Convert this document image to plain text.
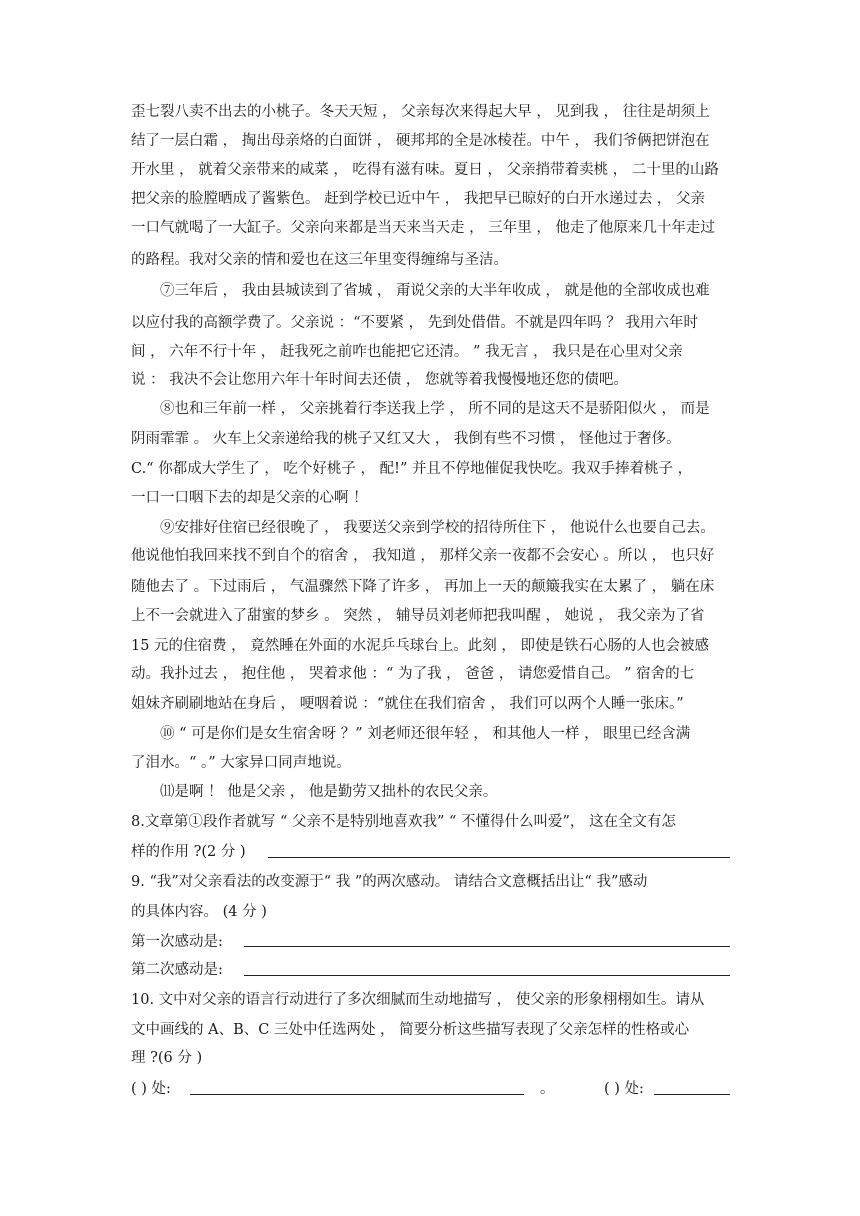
歪七裂八卖不出去的小桃子。冬天天短 ， 父亲每次来得起大早 ， 见到我 ， 往往是胡须上
结了一层白霜 ， 掏出母亲烙的白面饼 ， 硬邦邦的全是冰棱茬。中午 ， 我们爷俩把饼泡在
开水里 ， 就着父亲带来的咸菜 ， 吃得有滋有味。夏日 ， 父亲捎带着卖桃 ， 二十里的山路
把父亲的脸膛晒成了酱紫色。 赶到学校已近中午 ， 我把早已晾好的白开水递过去 ， 父亲
一口气就喝了一大缸子。父亲向来都是当天来当天走 ， 三年里 ， 他走了他原来几十年走过
的路程。我对父亲的情和爱也在这三年里变得缠绵与圣洁。
⑦三年后 ， 我由县城读到了省城 ， 甭说父亲的大半年收成 ， 就是他的全部收成也难
以应付我的高额学费了。父亲说 ：“不要紧 ， 先到处借借。不就是四年吗 ？ 我用六年时
间 ， 六年不行十年 ， 赶我死之前咋也能把它还清。 ” 我无言 ， 我只是在心里对父亲
说 ： 我决不会让您用六年十年时间去还债 ， 您就等着我慢慢地还您的债吧。
⑧也和三年前一样 ， 父亲挑着行李送我上学 ， 所不同的是这天不是骄阳似火 ， 而是
阴雨霏霏 。 火车上父亲递给我的桃子又红又大 ， 我倒有些不习惯 ， 怪他过于奢侈。
C.“ 你都成大学生了 ， 吃个好桃子 ， 配!” 并且不停地催促我快吃。我双手捧着桃子 ，
一口一口咽下去的却是父亲的心啊 ！
⑨安排好住宿已经很晚了 ， 我要送父亲到学校的招待所住下 ， 他说什么也要自己去。
他说他怕我回来找不到自个的宿舍 ， 我知道 ， 那样父亲一夜都不会安心 。所以 ， 也只好
随他去了 。下过雨后 ， 气温骤然下降了许多 ， 再加上一天的颠簸我实在太累了 ， 躺在床
上不一会就进入了甜蜜的梦乡 。 突然 ， 辅导员刘老师把我叫醒 ， 她说 ， 我父亲为了省
15 元的住宿费 ， 竟然睡在外面的水泥乒乓球台上。此刻 ， 即使是铁石心肠的人也会被感
动。我扑过去 ， 抱住他 ， 哭着求他 ：“ 为了我 ， 爸爸 ， 请您爱惜自己。 ” 宿舍的七
姐妹齐刷刷地站在身后 ， 哽咽着说 ：“就住在我们宿舍 ， 我们可以两个人睡一张床。”
⑩ “ 可是你们是女生宿舍呀 ？” 刘老师还很年轻 ， 和其他人一样 ， 眼里已经含满
了泪水。“ 。” 大家异口同声地说。
⑾是啊 ！ 他是父亲 ， 他是勤劳又拙朴的农民父亲。
8.文章第①段作者就写 “ 父亲不是特别地喜欢我” “ 不懂得什么叫爱”， 这在全文有怎
样的作用 ?(2 分 )
9. “我”对父亲看法的改变源于“ 我 ”的两次感动。 请结合文意概括出让“ 我”感动
的具体内容。 (4 分 )
第一次感动是:
第二次感动是:
10. 文中对父亲的语言行动进行了多次细腻而生动地描写 ， 使父亲的形象栩栩如生。请从
文中画线的 A、B、C 三处中任选两处 ， 简要分析这些描写表现了父亲怎样的性格或心
理 ?(6 分 )
( ) 处:	。	( ) 处:
